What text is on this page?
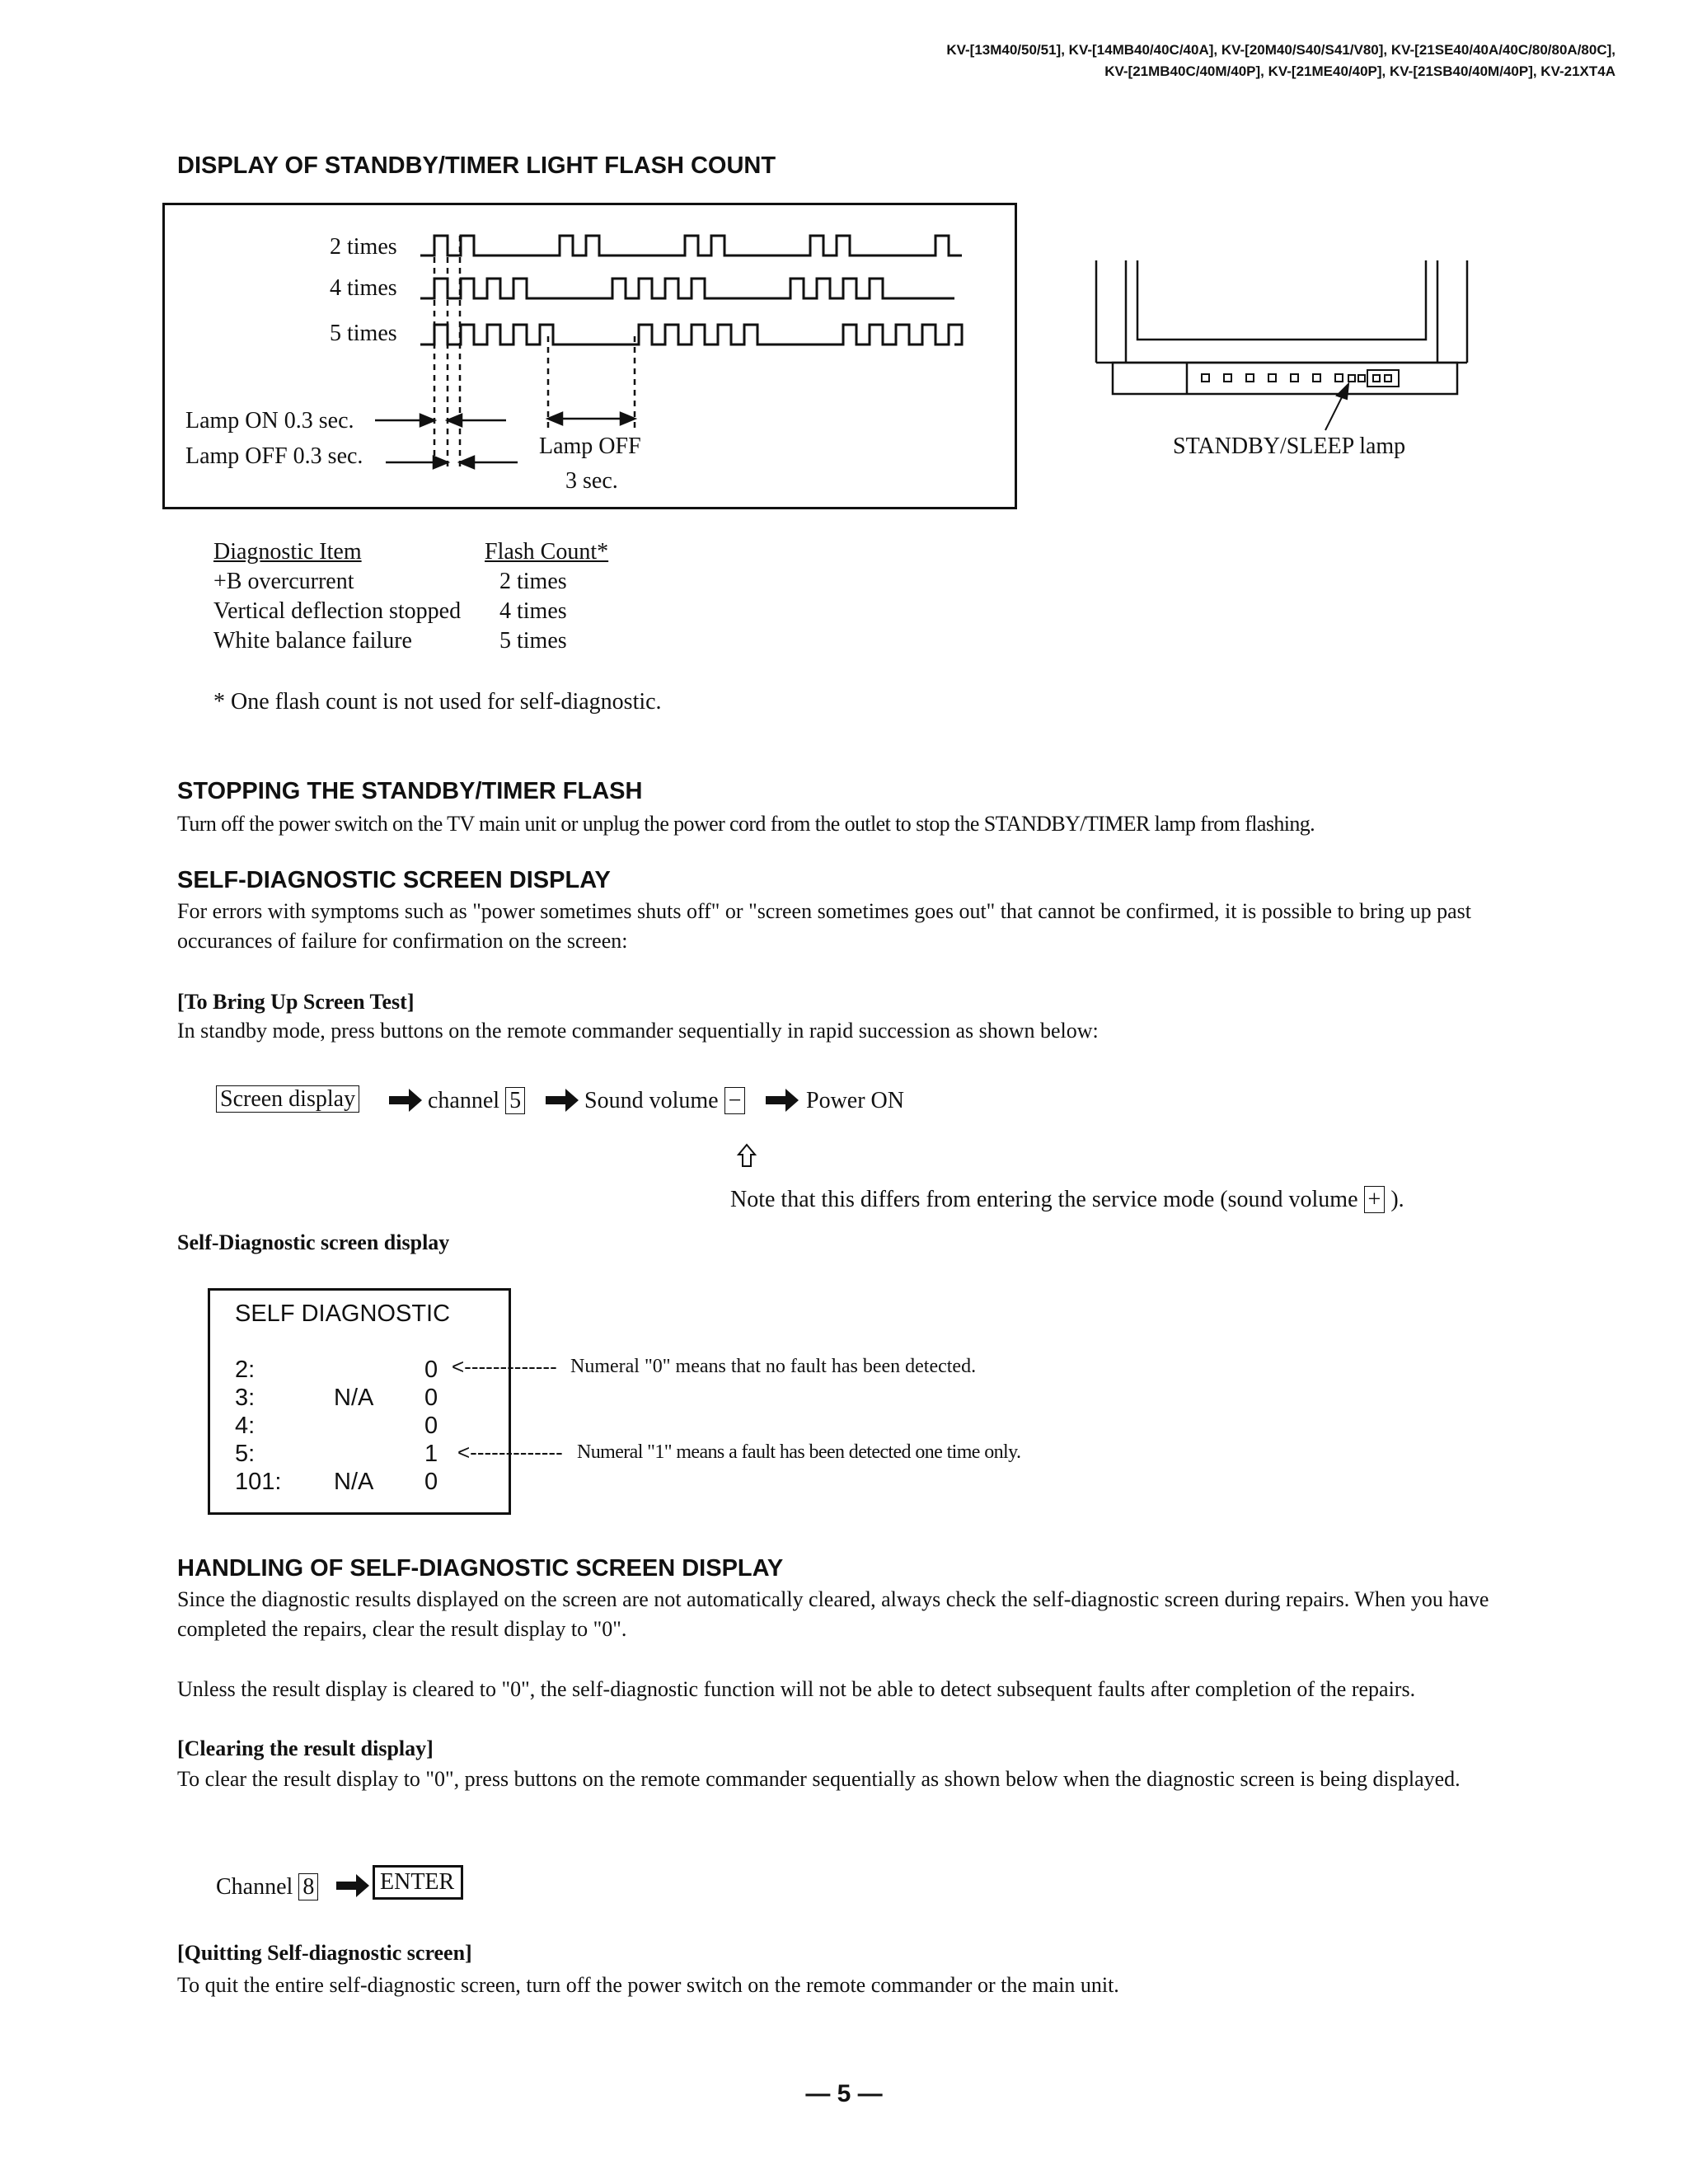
KV-[13M40/50/51], KV-[14MB40/40C/40A], KV-[20M40/S40/S41/V80], KV-[21SE40/40A/40C/80/80A/80C],
KV-[21MB40C/40M/40P], KV-[21ME40/40P], KV-[21SB40/40M/40P], KV-21XT4A
DISPLAY OF STANDBY/TIMER LIGHT FLASH COUNT
2 times
4 times
5 times
Lamp ON 0.3 sec.
Lamp OFF 0.3 sec.	Lamp OFF
3 sec.
STANDBY/SLEEP lamp
Diagnostic Item	Flash Count*
+B overcurrent	2 times
Vertical deflection stopped 4 times
White balance failure	5 times
* One flash count is not used for self-diagnostic.
STOPPING THE STANDBY/TIMER FLASH
Turn off the power switch on the TV main unit or unplug the power cord from the outlet to stop the STANDBY/TIMER lamp from flashing.
SELF-DIAGNOSTIC SCREEN DISPLAY
For errors with symptoms such as "power sometimes shuts off" or "screen sometimes goes out" that cannot be confirmed, it is possible to bring up past occurances of failure for confirmation on the screen:
[To Bring Up Screen Test]
In standby mode, press buttons on the remote commander sequentially in rapid succession as shown below:
Screen display	channel 5	Sound volume −	Power ON
Note that this differs from entering the service mode (sound volume + ).
Self-Diagnostic screen display
SELF DIAGNOSTIC
2:	0
3:	N/A 0
4:	0
5:	1
101: N/A 0
<------------- Numeral "0" means that no fault has been detected.
<------------- Numeral "1" means a fault has been detected one time only.
HANDLING OF SELF-DIAGNOSTIC SCREEN DISPLAY
Since the diagnostic results displayed on the screen are not automatically cleared, always check the self-diagnostic screen during repairs. When you have completed the repairs, clear the result display to "0".
Unless the result display is cleared to "0", the self-diagnostic function will not be able to detect subsequent faults after completion of the repairs.
[Clearing the result display]
To clear the result display to "0", press buttons on the remote commander sequentially as shown below when the diagnostic screen is being displayed.
Channel 8	ENTER
[Quitting Self-diagnostic screen]
To quit the entire self-diagnostic screen, turn off the power switch on the remote commander or the main unit.
— 5 —
